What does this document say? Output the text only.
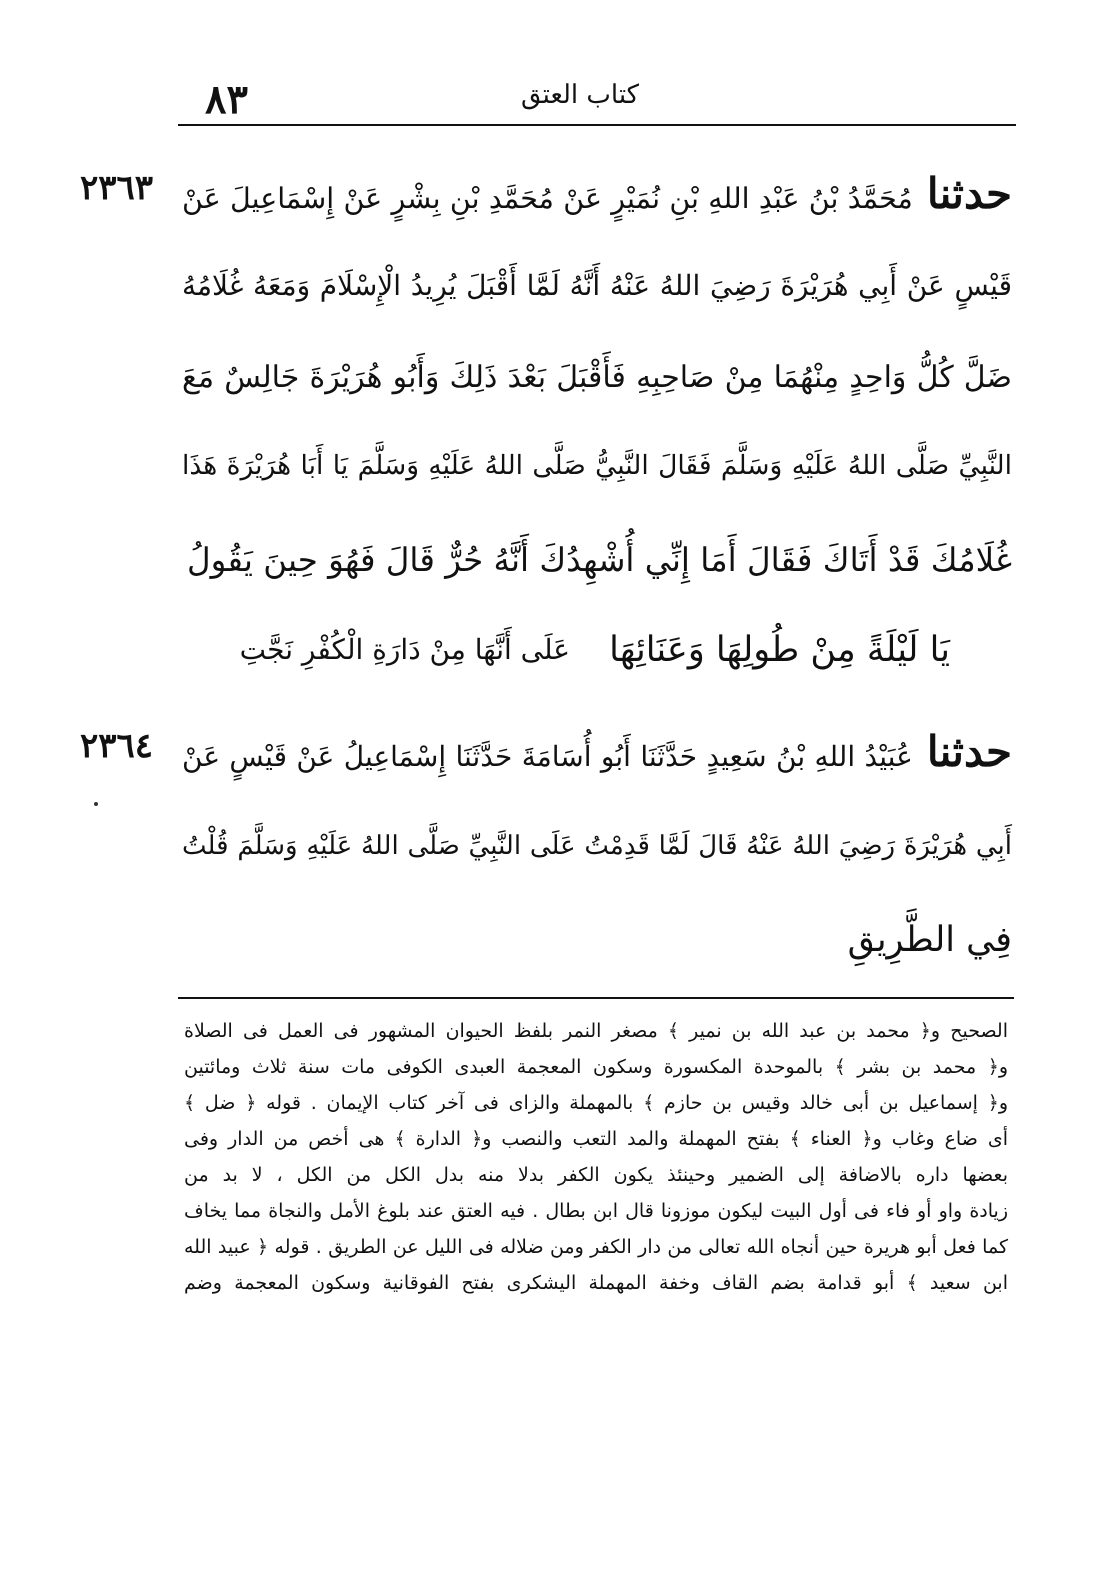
٨٣	كتاب العتق
٢٣٦٣	حدثنامُحَمَّدُ بْنُ عَبْدِ اللهِ بْنِ نُمَيْرٍ عَنْ مُحَمَّدِ بْنِ بِشْرٍ عَنْ إِسْمَاعِيلَ عَنْ
قَيْسٍ عَنْ أَبِي هُرَيْرَةَ رَضِيَ اللهُ عَنْهُ أَنَّهُ لَمَّا أَقْبَلَ يُرِيدُ الْإِسْلَامَ وَمَعَهُ غُلَامُهُ
ضَلَّ كُلُّ وَاحِدٍ مِنْهُمَا مِنْ صَاحِبِهِ فَأَقْبَلَ بَعْدَ ذَلِكَ وَأَبُو هُرَيْرَةَ جَالِسٌ مَعَ
النَّبِيِّ صَلَّى اللهُ عَلَيْهِ وَسَلَّمَ فَقَالَ النَّبِيُّ صَلَّى اللهُ عَلَيْهِ وَسَلَّمَ يَا أَبَا هُرَيْرَةَ هَذَا
غُلَامُكَ قَدْ أَتَاكَ فَقَالَ أَمَا إِنِّي أُشْهِدُكَ أَنَّهُ حُرٌّ قَالَ فَهُوَ حِينَ يَقُولُ
يَا لَيْلَةً مِنْ طُولِهَا وَعَنَائِهَا
عَلَى أَنَّهَا مِنْ دَارَةِ الْكُفْرِ نَجَّتِ
٢٣٦٤	حدثناعُبَيْدُ اللهِ بْنُ سَعِيدٍ حَدَّثَنَا أَبُو أُسَامَةَ حَدَّثَنَا إِسْمَاعِيلُ عَنْ قَيْسٍ عَنْ
أَبِي هُرَيْرَةَ رَضِيَ اللهُ عَنْهُ قَالَ لَمَّا قَدِمْتُ عَلَى النَّبِيِّ صَلَّى اللهُ عَلَيْهِ وَسَلَّمَ قُلْتُ
فِي الطَّرِيقِ
الصحيح و﴿ محمد بن عبد الله بن نمير ﴾ مصغر النمر بلفظ الحيوان المشهور فى العمل فى الصلاة
و﴿ محمد بن بشر ﴾ بالموحدة المكسورة وسكون المعجمة العبدى الكوفى مات سنة ثلاث ومائتين
و﴿ إسماعيل بن أبى خالد وقيس بن حازم ﴾ بالمهملة والزاى فى آخر كتاب الإيمان . قوله ﴿ ضل ﴾
أى ضاع وغاب و﴿ العناء ﴾ بفتح المهملة والمد التعب والنصب و﴿ الدارة ﴾ هى أخص من الدار وفى
بعضها داره بالاضافة إلى الضمير وحينئذ يكون الكفر بدلا منه بدل الكل من الكل ، لا بد من
زيادة واو أو فاء فى أول البيت ليكون موزونا قال ابن بطال . فيه العتق عند بلوغ الأمل والنجاة مما يخاف
كما فعل أبو هريرة حين أنجاه الله تعالى من دار الكفر ومن ضلاله فى الليل عن الطريق . قوله ﴿ عبيد الله
ابن سعيد ﴾ أبو قدامة بضم القاف وخفة المهملة اليشكرى بفتح الفوقانية وسكون المعجمة وضم
